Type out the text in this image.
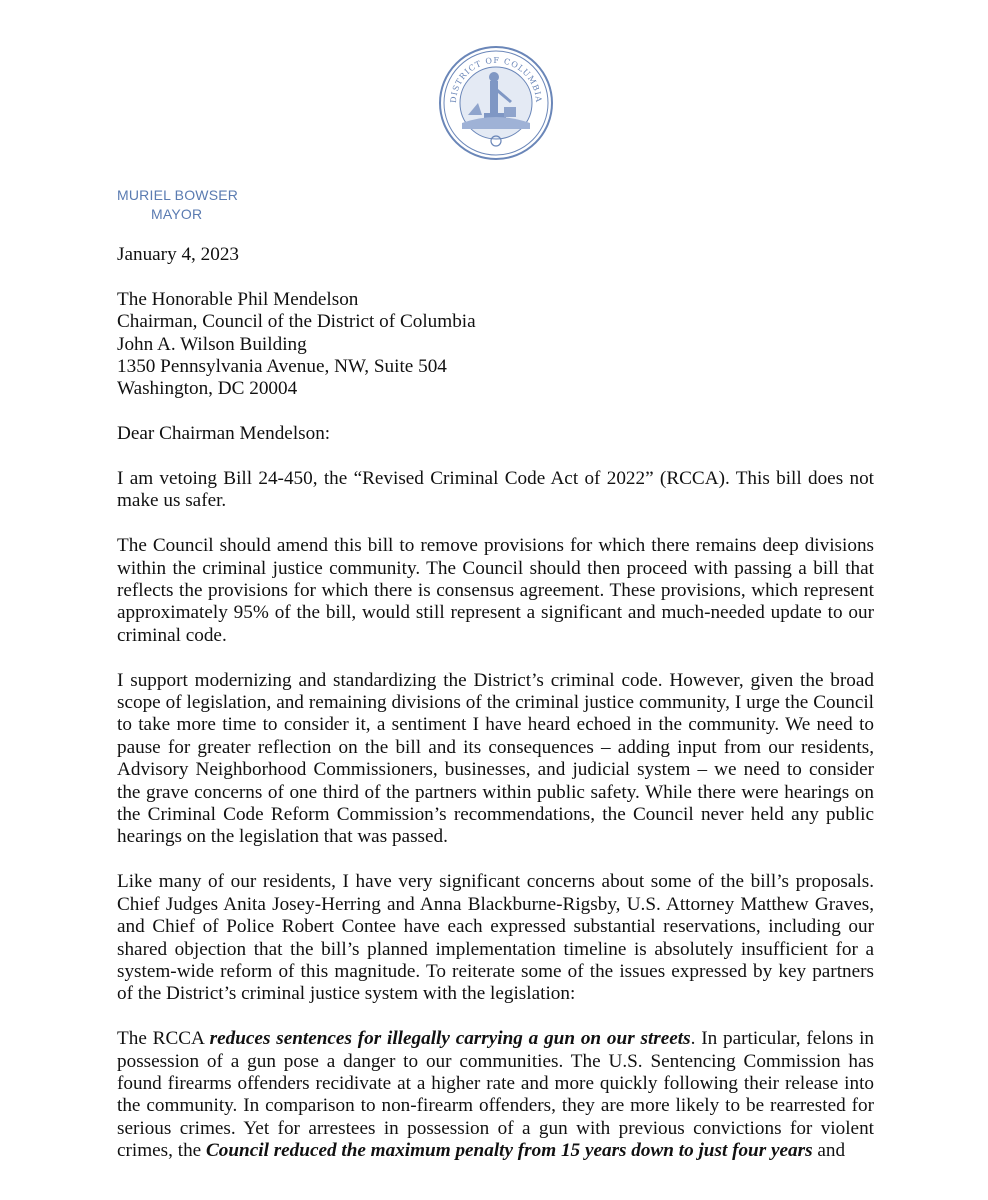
DISTRICT OF COLUMBIA
MURIEL BOWSER
MAYOR

January 4, 2023

The Honorable Phil Mendelson
Chairman, Council of the District of Columbia
John A. Wilson Building
1350 Pennsylvania Avenue, NW, Suite 504
Washington, DC 20004

Dear Chairman Mendelson:

I am vetoing Bill 24-450, the “Revised Criminal Code Act of 2022” (RCCA). This bill does not make us safer.

The Council should amend this bill to remove provisions for which there remains deep divisions within the criminal justice community. The Council should then proceed with passing a bill that reflects the provisions for which there is consensus agreement. These provisions, which represent approximately 95% of the bill, would still represent a significant and much-needed update to our criminal code.

I support modernizing and standardizing the District’s criminal code. However, given the broad scope of legislation, and remaining divisions of the criminal justice community, I urge the Council to take more time to consider it, a sentiment I have heard echoed in the community. We need to pause for greater reflection on the bill and its consequences – adding input from our residents, Advisory Neighborhood Commissioners, businesses, and judicial system – we need to consider the grave concerns of one third of the partners within public safety. While there were hearings on the Criminal Code Reform Commission’s recommendations, the Council never held any public hearings on the legislation that was passed.

Like many of our residents, I have very significant concerns about some of the bill’s proposals. Chief Judges Anita Josey-Herring and Anna Blackburne-Rigsby, U.S. Attorney Matthew Graves, and Chief of Police Robert Contee have each expressed substantial reservations, including our shared objection that the bill’s planned implementation timeline is absolutely insufficient for a system-wide reform of this magnitude. To reiterate some of the issues expressed by key partners of the District’s criminal justice system with the legislation:

The RCCA reduces sentences for illegally carrying a gun on our streets. In particular, felons in possession of a gun pose a danger to our communities. The U.S. Sentencing Commission has found firearms offenders recidivate at a higher rate and more quickly following their release into the community. In comparison to non-firearm offenders, they are more likely to be rearrested for serious crimes. Yet for arrestees in possession of a gun with previous convictions for violent crimes, the Council reduced the maximum penalty from 15 years down to just four years and
